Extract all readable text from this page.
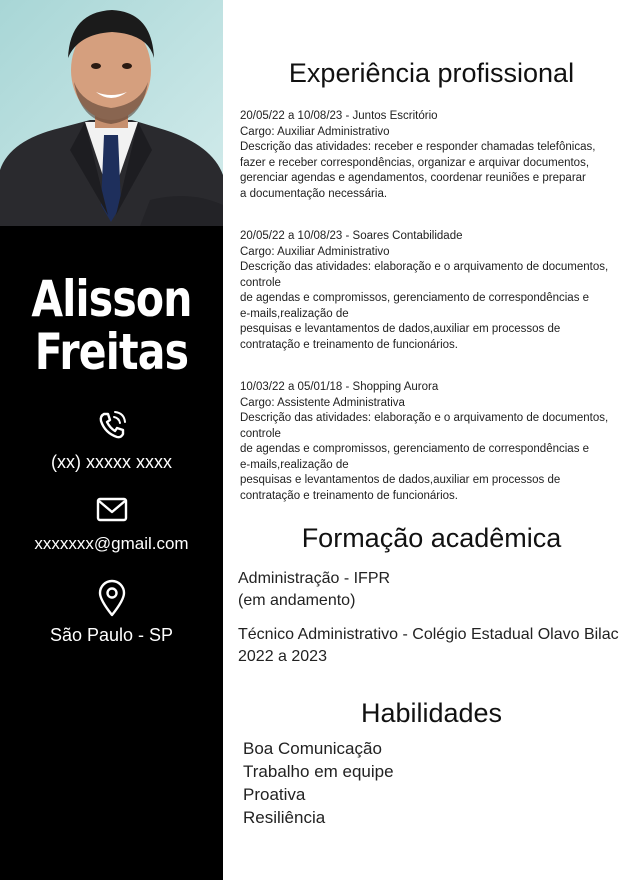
Alisson
Freitas
(xx) xxxxx xxxx
xxxxxxx@gmail.com
São Paulo - SP
Experiência profissional
20/05/22 a 10/08/23 - Juntos Escritório
Cargo: Auxiliar Administrativo
Descrição das atividades: receber e responder chamadas telefônicas,
fazer e receber correspondências, organizar e arquivar documentos,
gerenciar agendas e agendamentos, coordenar reuniões e preparar
a documentação necessária.
20/05/22 a 10/08/23 - Soares Contabilidade
Cargo: Auxiliar Administrativo
Descrição das atividades: elaboração e o arquivamento de documentos,
controle
de agendas e compromissos, gerenciamento de correspondências e
e-mails,realização de
pesquisas e levantamentos de dados,auxiliar em processos de
contratação e treinamento de funcionários.
10/03/22 a 05/01/18 - Shopping Aurora
Cargo: Assistente Administrativa
Descrição das atividades: elaboração e o arquivamento de documentos,
controle
de agendas e compromissos, gerenciamento de correspondências e
e-mails,realização de
pesquisas e levantamentos de dados,auxiliar em processos de
contratação e treinamento de funcionários.
Formação acadêmica
Administração - IFPR
(em andamento)
Técnico Administrativo - Colégio Estadual Olavo Bilac
2022 a 2023
Habilidades
Boa Comunicação
Trabalho em equipe
Proativa
Resiliência
